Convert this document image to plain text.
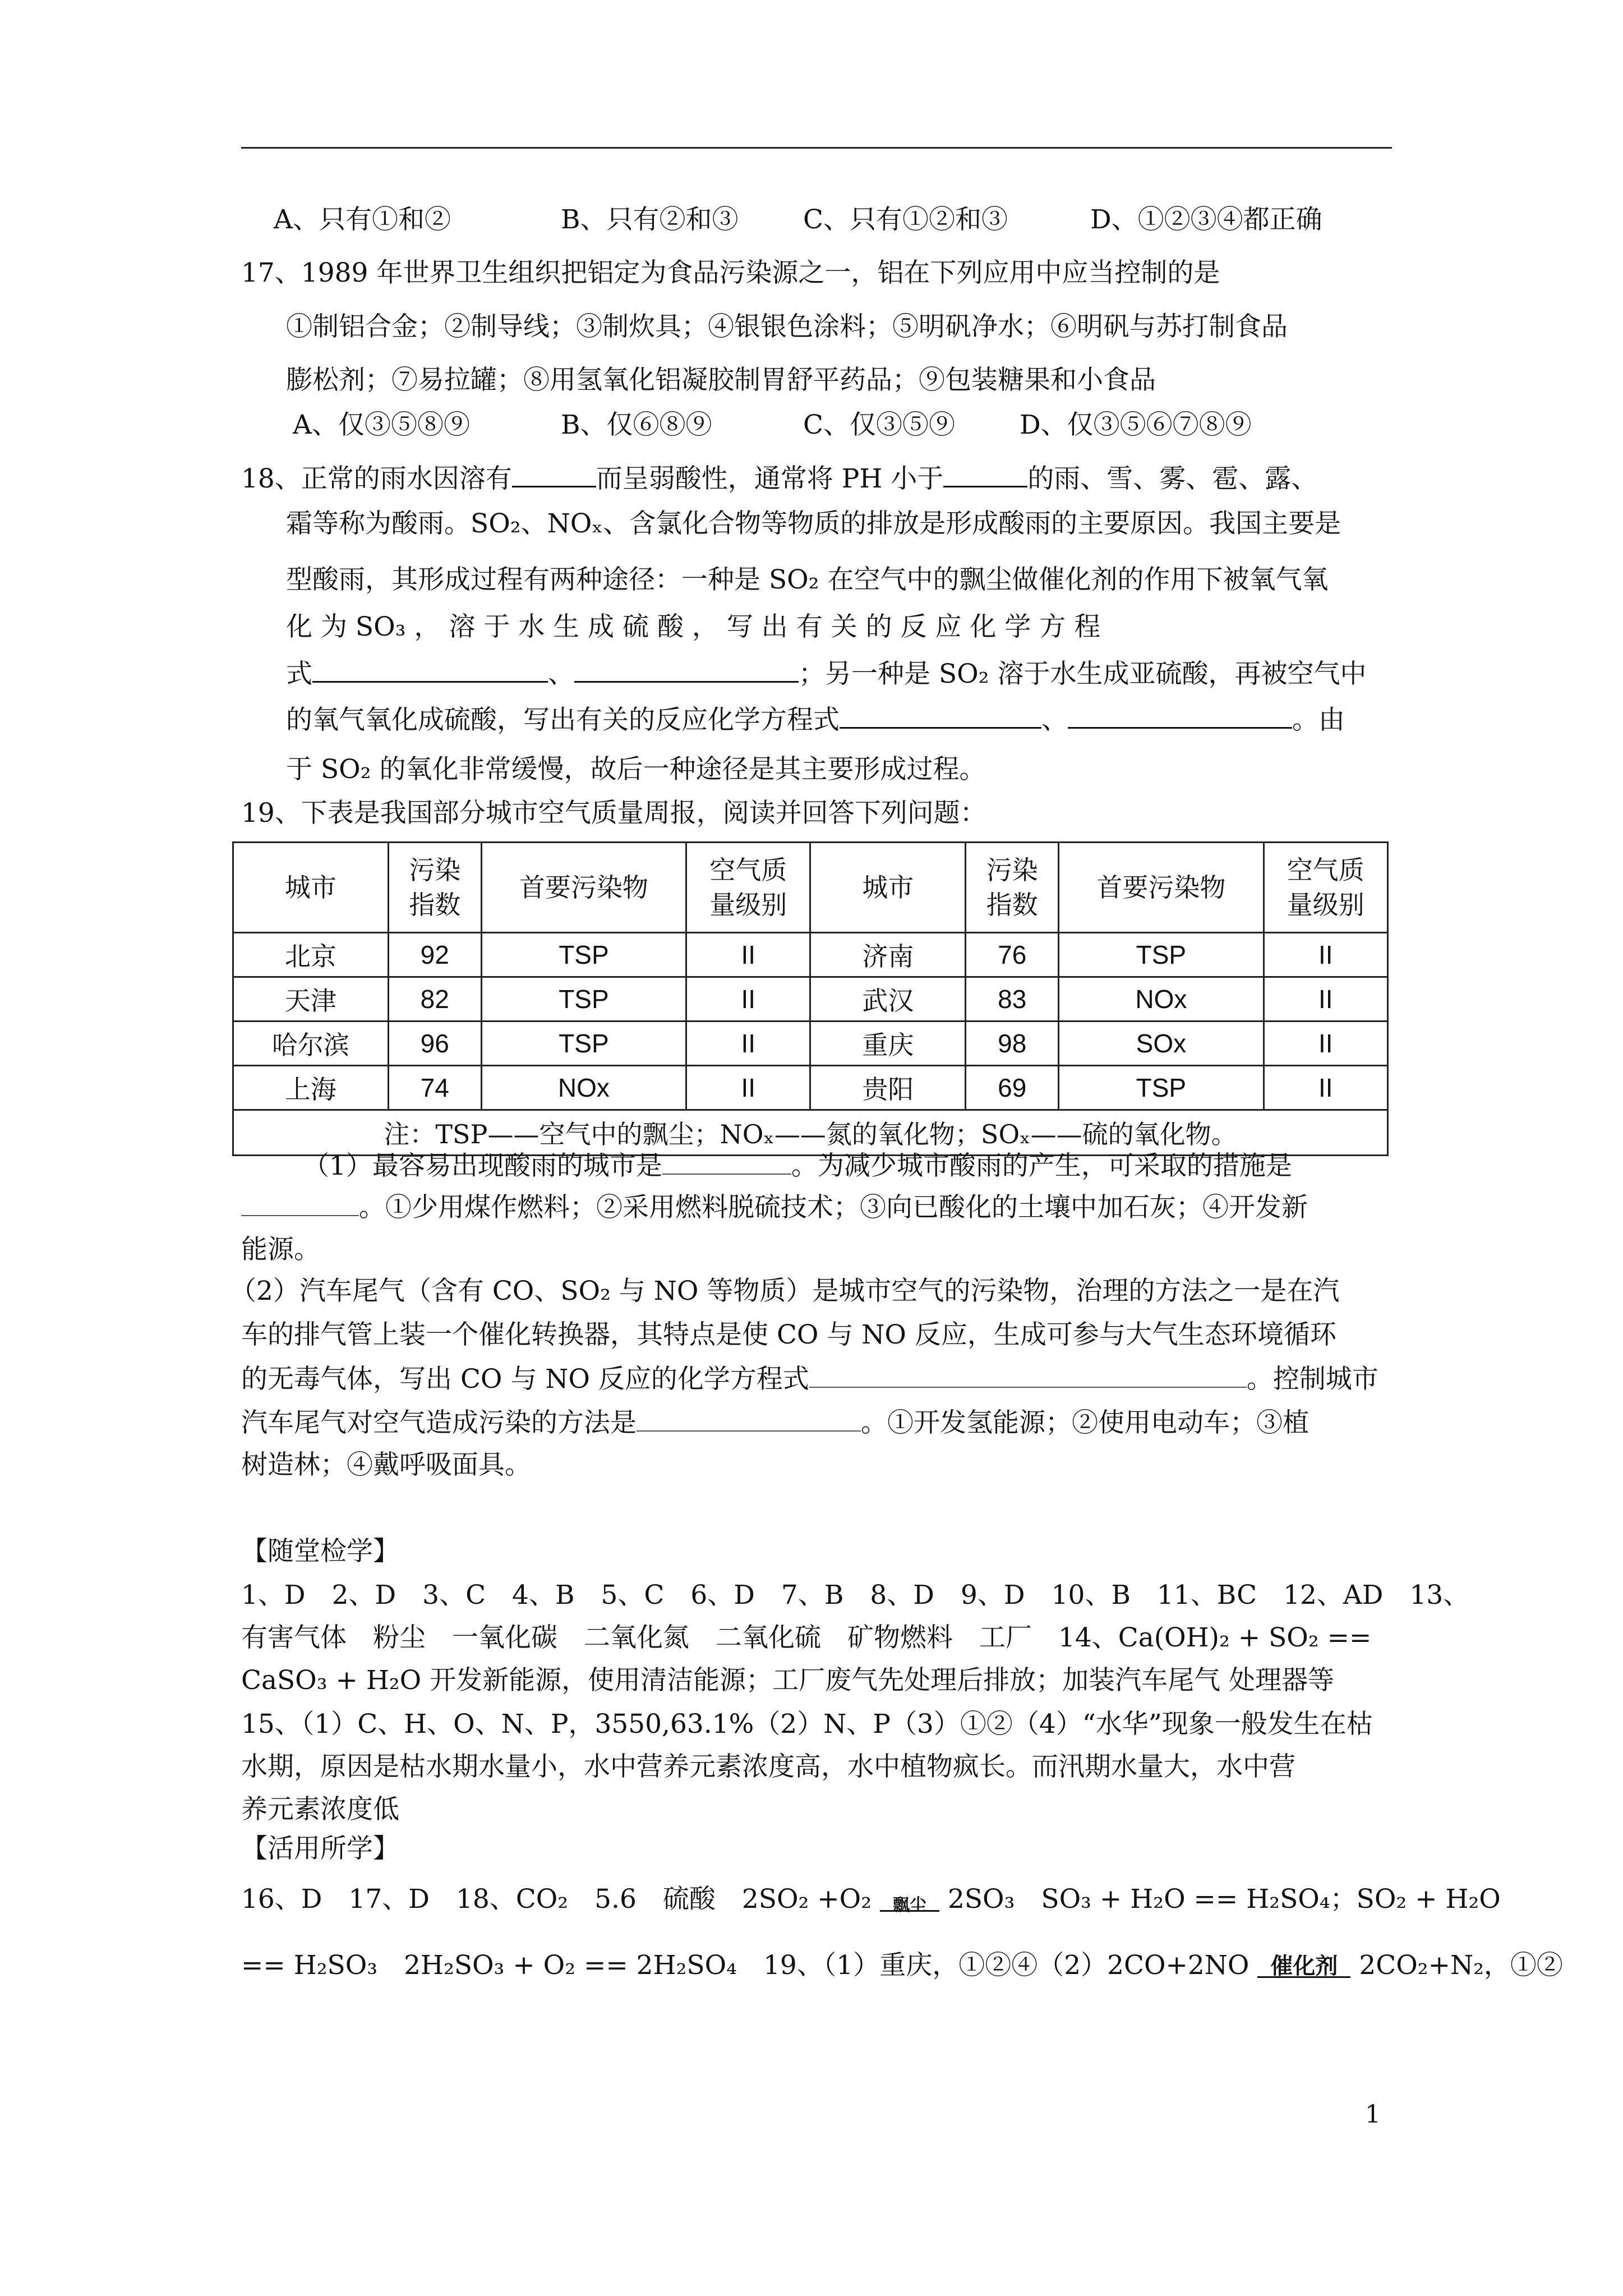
A、只有①和②	B、只有②和③ C、只有①②和③	D、①②③④都正确
17、1989 年世界卫生组织把铝定为食品污染源之一，铝在下列应用中应当控制的是
①制铝合金；②制导线；③制炊具；④银银色涂料；⑤明矾净水；⑥明矾与苏打制食品
膨松剂；⑦易拉罐；⑧用氢氧化铝凝胶制胃舒平药品；⑨包装糖果和小食品
A、仅③⑤⑧⑨	B、仅⑥⑧⑨	C、仅③⑤⑨ D、仅③⑤⑥⑦⑧⑨
18、正常的雨水因溶有	而呈弱酸性，通常将 PH 小于	的雨、雪、雾、雹、露、
霜等称为酸雨。SO₂、NOₓ、含氯化合物等物质的排放是形成酸雨的主要原因。我国主要是
型酸雨，其形成过程有两种途径：一种是 SO₂ 在空气中的飘尘做催化剂的作用下被氧气氧
化 为 SO₃ ， 溶 于 水 生 成 硫 酸 ， 写 出 有 关 的 反 应 化 学 方 程
式	、	；另一种是 SO₂ 溶于水生成亚硫酸，再被空气中
的氧气氧化成硫酸，写出有关的反应化学方程式	、	。由
于 SO₂ 的氧化非常缓慢，故后一种途径是其主要形成过程。
19、下表是我国部分城市空气质量周报，阅读并回答下列问题：
城市	污染指数	首要污染物	空气质量级别	城市	污染指数	首要污染物	空气质量级别
北京	92	TSP	II	济南	76	TSP	II
天津	82	TSP	II	武汉	83	NOx	II
哈尔滨	96	TSP	II	重庆	98	SOx	II
上海	74	NOx	II	贵阳	69	TSP	II
注：TSP——空气中的飘尘；NOₓ——氮的氧化物；SOₓ——硫的氧化物。							
（1）最容易出现酸雨的城市是	。为减少城市酸雨的产生，可采取的措施是
。①少用煤作燃料；②采用燃料脱硫技术；③向已酸化的土壤中加石灰；④开发新
能源。
（2）汽车尾气（含有 CO、SO₂ 与 NO 等物质）是城市空气的污染物，治理的方法之一是在汽
车的排气管上装一个催化转换器，其特点是使 CO 与 NO 反应，生成可参与大气生态环境循环
的无毒气体，写出 CO 与 NO 反应的化学方程式	。控制城市
汽车尾气对空气造成污染的方法是	。①开发氢能源；②使用电动车；③植
树造林；④戴呼吸面具。
【随堂检学】
1、D　2、D　3、C　4、B　5、C　6、D　7、B　8、D　9、D　10、B　11、BC　12、AD　13、
有害气体　粉尘　一氧化碳　二氧化氮　二氧化硫　矿物燃料　工厂　14、Ca(OH)₂ + SO₂ ==
CaSO₃ + H₂O 开发新能源，使用清洁能源；工厂废气先处理后排放；加装汽车尾气 处理器等
15、（1）C、H、O、N、P，3550,63.1%（2）N、P（3）①②（4）“水华”现象一般发生在枯
水期，原因是枯水期水量小，水中营养元素浓度高，水中植物疯长。而汛期水量大，水中营
养元素浓度低
【活用所学】
16、D　17、D　18、CO₂　5.6　硫酸　2SO₂ +O₂	飘尘 2SO₃　SO₃ + H₂O == H₂SO₄；SO₂ + H₂O
== H₂SO₃　2H₂SO₃ + O₂ == 2H₂SO₄　19、（1）重庆，①②④（2）2CO+2NO 催化剂 2CO₂+N₂，①②
1
